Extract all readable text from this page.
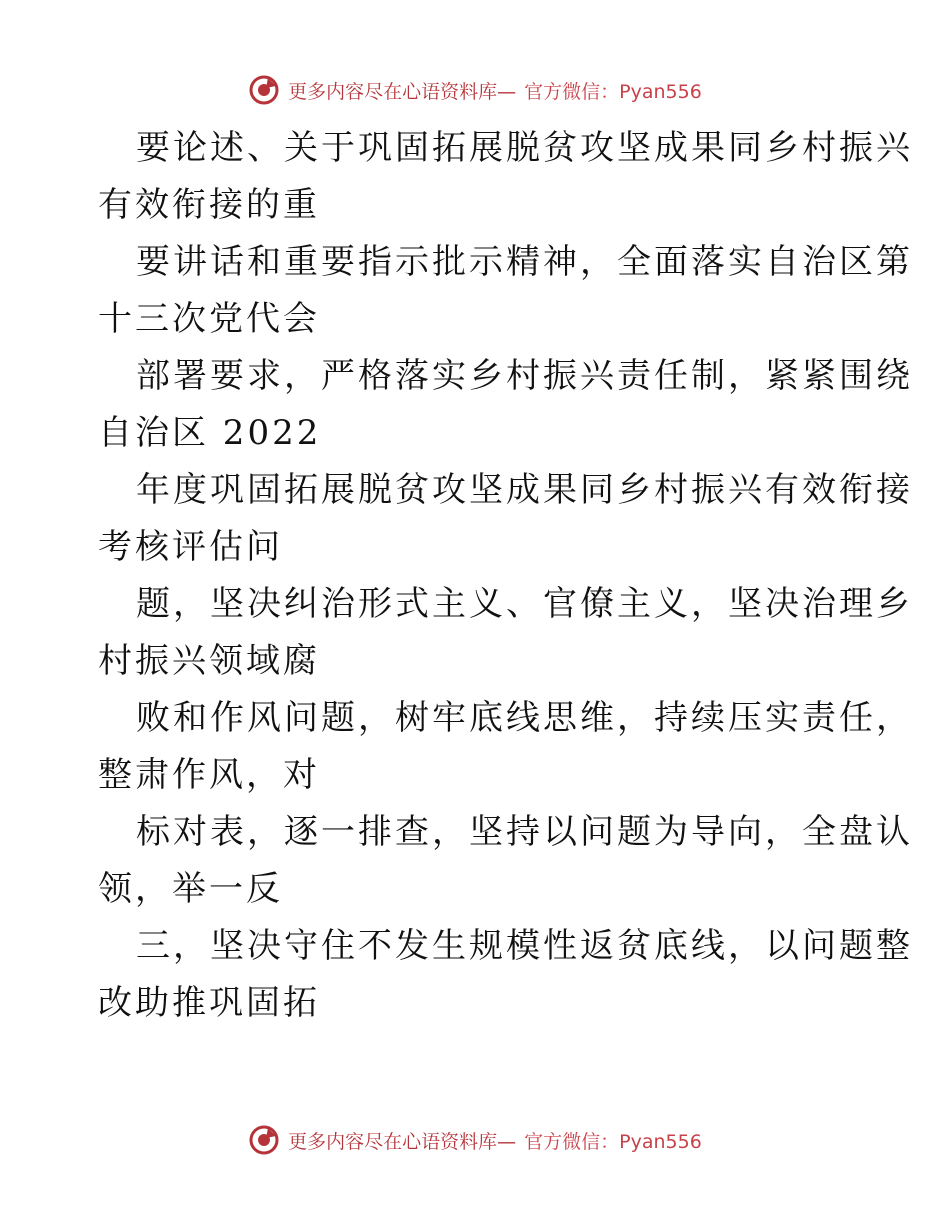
更多内容尽在心语资料库— 官方微信：Pyan556

要论述、关于巩固拓展脱贫攻坚成果同乡村振兴
有效衔接的重

要讲话和重要指示批示精神，全面落实自治区第
十三次党代会

部署要求，严格落实乡村振兴责任制，紧紧围绕
自治区 2022

年度巩固拓展脱贫攻坚成果同乡村振兴有效衔接
考核评估问

题，坚决纠治形式主义、官僚主义，坚决治理乡
村振兴领域腐

败和作风问题，树牢底线思维，持续压实责任，
整肃作风，对

标对表，逐一排查，坚持以问题为导向，全盘认
领，举一反

三，坚决守住不发生规模性返贫底线，以问题整
改助推巩固拓

更多内容尽在心语资料库— 官方微信：Pyan556
